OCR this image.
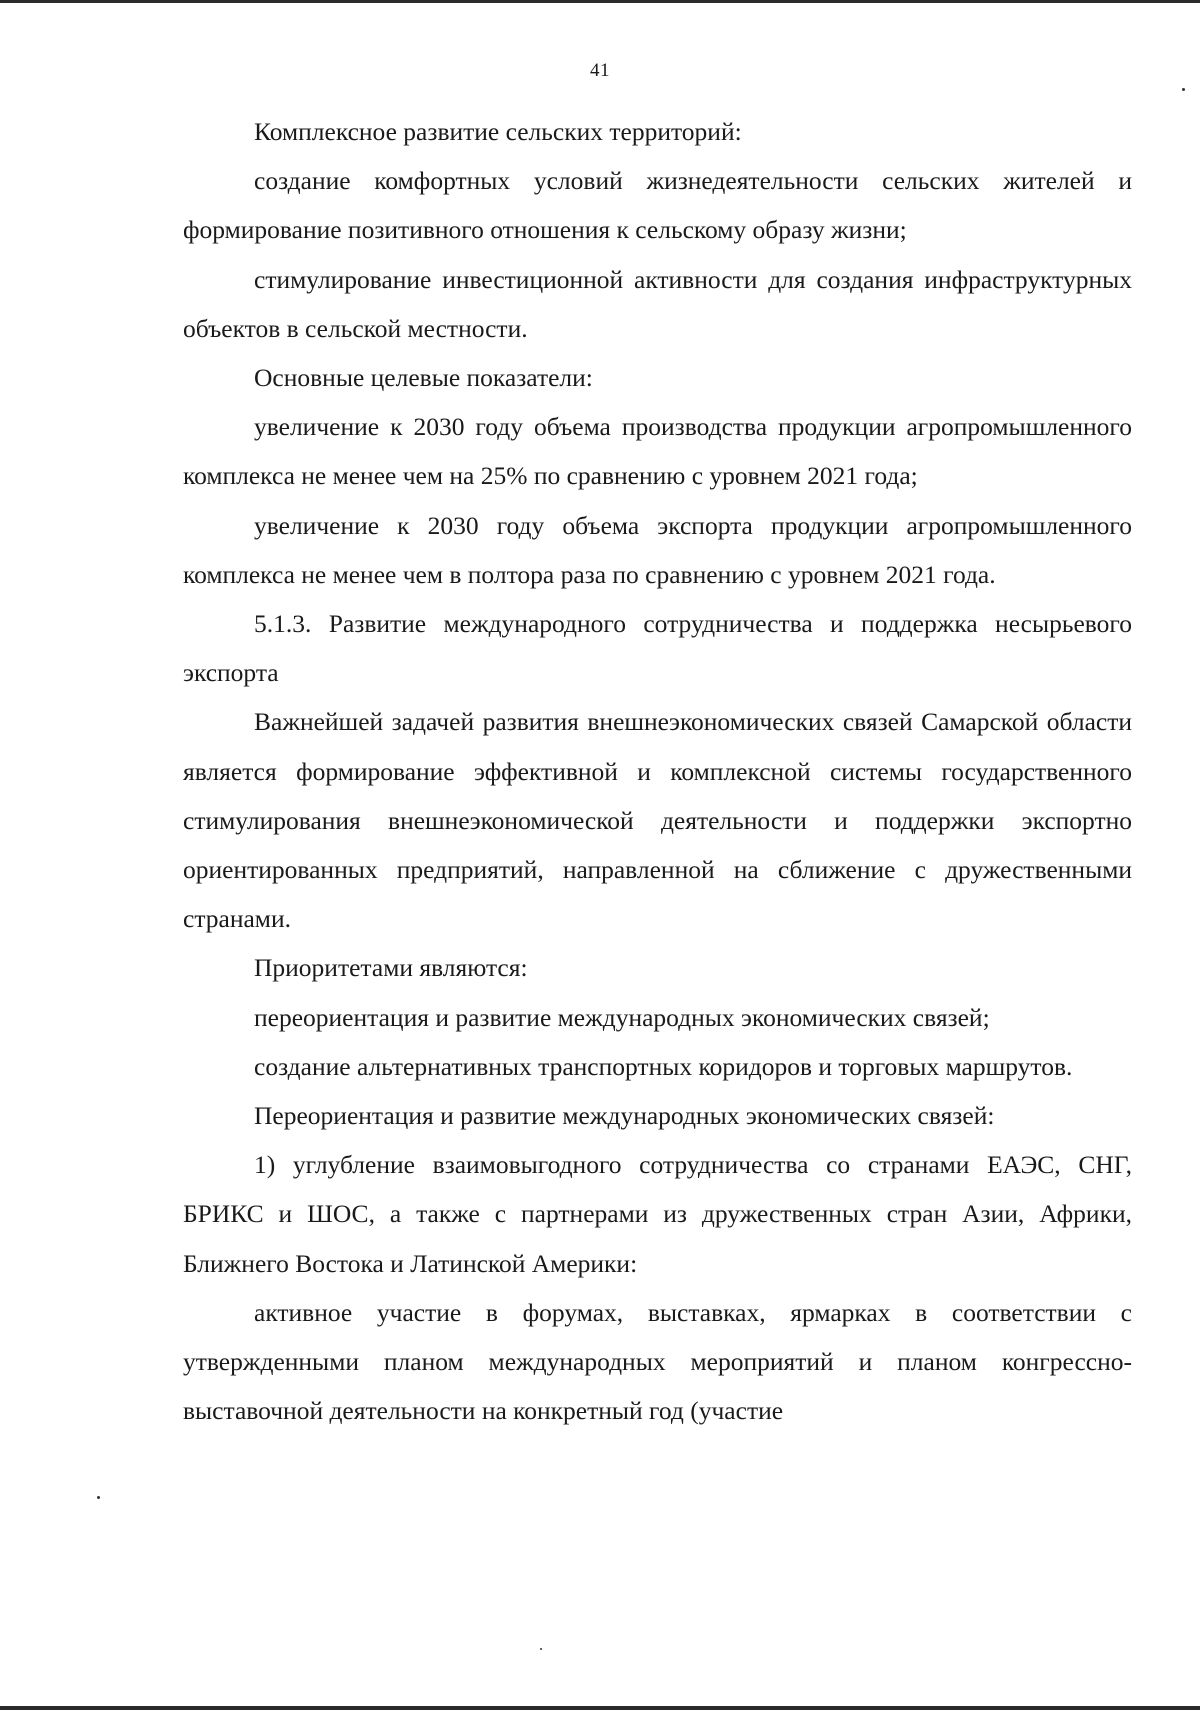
41

Комплексное развитие сельских территорий:

создание комфортных условий жизнедеятельности сельских жителей и формирование позитивного отношения к сельскому образу жизни;

стимулирование инвестиционной активности для создания инфраструктурных объектов в сельской местности.

Основные целевые показатели:

увеличение к 2030 году объема производства продукции агропромышленного комплекса не менее чем на 25% по сравнению с уровнем 2021 года;

увеличение к 2030 году объема экспорта продукции агропромышленного комплекса не менее чем в полтора раза по сравнению с уровнем 2021 года.

5.1.3. Развитие международного сотрудничества и поддержка несырьевого экспорта

Важнейшей задачей развития внешнеэкономических связей Самарской области является формирование эффективной и комплексной системы государственного стимулирования внешнеэкономической деятельности и поддержки экспортно ориентированных предприятий, направленной на сближение с дружественными странами.

Приоритетами являются:

переориентация и развитие международных экономических связей;

создание альтернативных транспортных коридоров и торговых маршрутов.

Переориентация и развитие международных экономических связей:

1) углубление взаимовыгодного сотрудничества со странами ЕАЭС, СНГ, БРИКС и ШОС, а также с партнерами из дружественных стран Азии, Африки, Ближнего Востока и Латинской Америки:

активное участие в форумах, выставках, ярмарках в соответствии с утвержденными планом международных мероприятий и планом конгрессно-выставочной деятельности на конкретный год (участие
